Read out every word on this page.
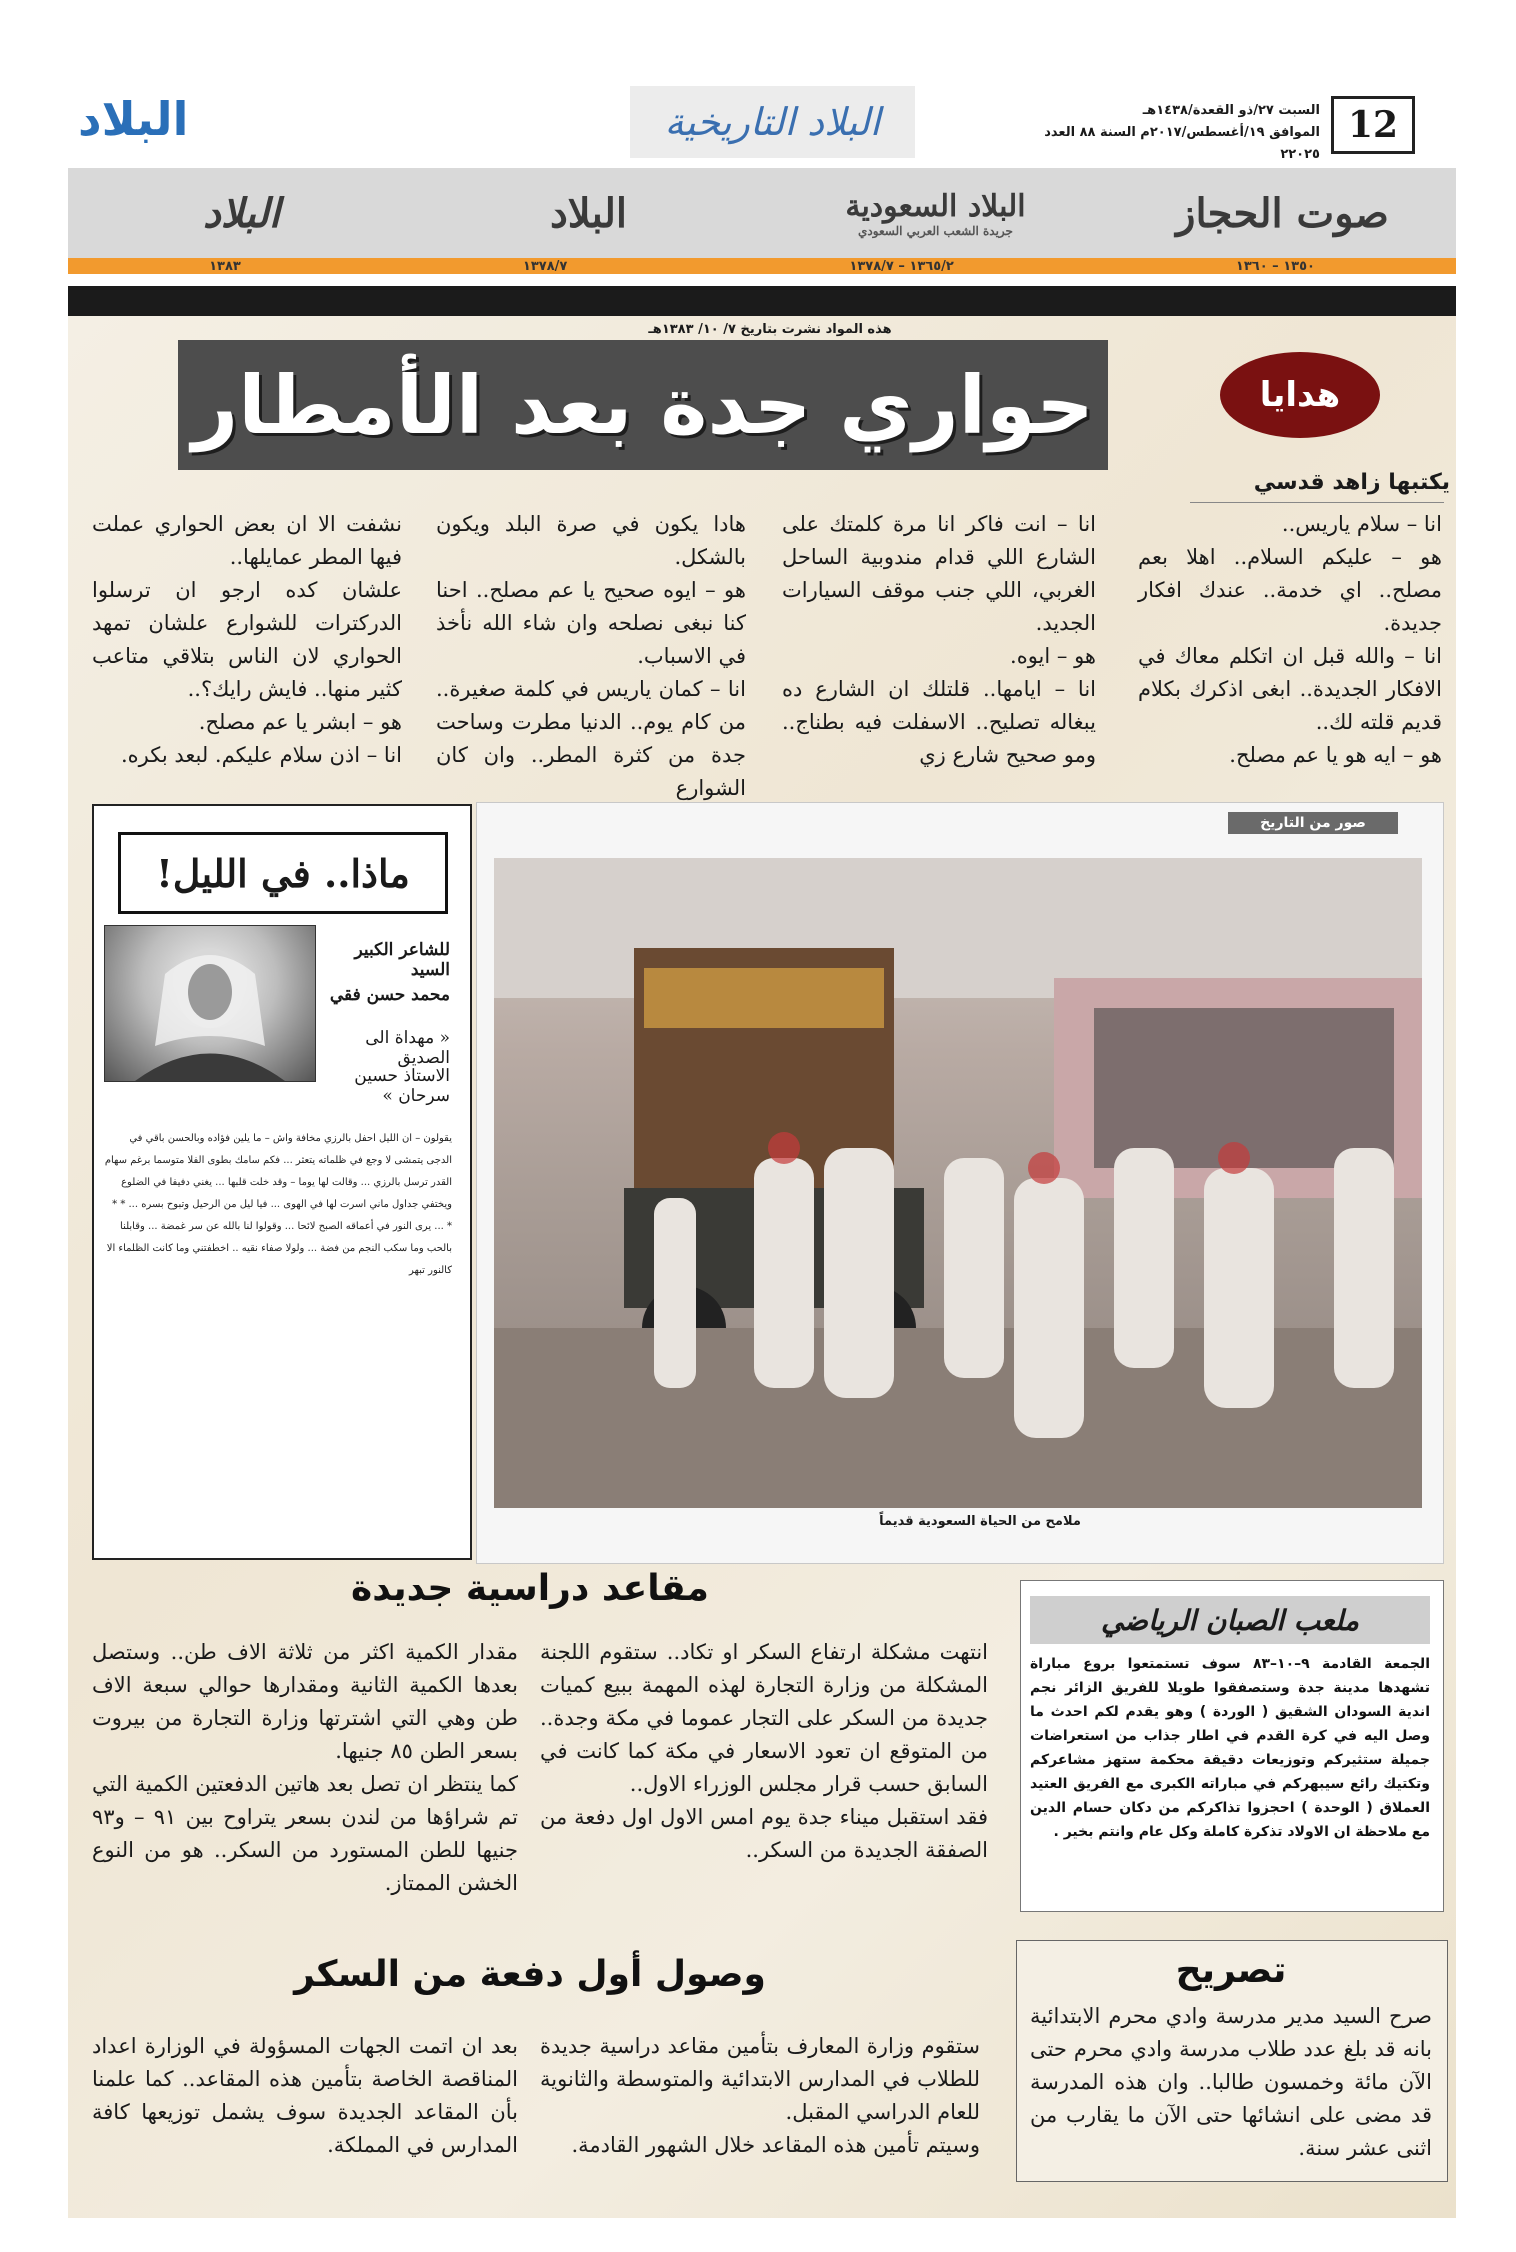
12
السبت ٢٧/ذو القعدة/١٤٣٨هـ
الموافق ١٩/أغسطس/٢٠١٧م السنة ٨٨ العدد ٢٢٠٢٥
البلاد التاريخية
البلاد
صوت الحجاز
البلاد السعودية
جريدة الشعب العربي السعودي
البلاد
البلاد
١٣٥٠ – ١٣٦٠
١٣٦٥/٢ – ١٣٧٨/٧
١٣٧٨/٧
١٣٨٣
هذه المواد نشرت بتاريخ ٧/ ١٠/ ١٣٨٣هـ
حواري جدة بعد الأمطار	هدايا
يكتبها زاهد قدسي
انا – سلام ياريس..
هو – عليكم السلام.. اهلا بعم مصلح.. اي خدمة.. عندك افكار جديدة.
انا – والله قبل ان اتكلم معاك في الافكار الجديدة.. ابغى اذكرك بكلام قديم قلته لك..
هو – ايه هو يا عم مصلح.
انا – انت فاكر انا مرة كلمتك على الشارع اللي قدام مندوبية الساحل الغربي، اللي جنب موقف السيارات الجديد.
هو – ايوه.
انا – ايامها.. قلتلك ان الشارع ده يبغاله تصليح.. الاسفلت فيه بطناج.. ومو صحيح شارع زي
هادا يكون في صرة البلد ويكون بالشكل.
هو – ايوه صحيح يا عم مصلح.. احنا كنا نبغى نصلحه وان شاء الله نأخذ في الاسباب.
انا – كمان ياريس في كلمة صغيرة.. من كام يوم.. الدنيا مطرت وساحت جدة من كثرة المطر.. وان كان الشوارع
نشفت الا ان بعض الحواري عملت فيها المطر عمايلها..
علشان كده ارجو ان ترسلوا الدركترات للشوارع علشان تمهد الحواري لان الناس بتلاقي متاعب كثير منها.. فايش رايك؟..
هو – ابشر يا عم مصلح.
انا – اذن سلام عليكم. لبعد بكره.
ماذا.. في الليل!
للشاعر الكبير السيد
محمد حسن فقي
« مهداة الى الصديق
الاستاذ حسين سرحان »
يقولون – ان الليل احفل بالرزي مخافة واش – ما يلين فؤاده وبالحسن باقي في الدجى يتمشى لا وجع في ظلماته يتعثر ... فكم سامك بطوى الفلا متوسما برغم سهام القدر ترسل بالرزي ... وقالت لها يوما – وقد خلت قلبها ... يغني دفيفا في الضلوع ويختفي جداول ماني اسرت لها في الهوى ... فيا ليل من الرحيل وتبوح بسره ... * * * ... يرى النور في أعماقه الصبح لائحا ... وقولوا لنا بالله عن سر غمضة ... وقابلنا بالحب وما سكب النجم من فضة ... ولولا صفاء نقيه .. اخطفتني وما كانت الظلماء الا كالنور تبهر
صور من التاريخ
ملامح من الحياة السعودية قديماً
مقاعد دراسية جديدة
انتهت مشكلة ارتفاع السكر او تكاد.. ستقوم اللجنة المشكلة من وزارة التجارة لهذه المهمة ببيع كميات جديدة من السكر على التجار عموما في مكة وجدة.. من المتوقع ان تعود الاسعار في مكة كما كانت في السابق حسب قرار مجلس الوزراء الاول..
فقد استقبل ميناء جدة يوم امس الاول اول دفعة من الصفقة الجديدة من السكر..
مقدار الكمية اكثر من ثلاثة الاف طن.. وستصل بعدها الكمية الثانية ومقدارها حوالي سبعة الاف طن وهي التي اشترتها وزارة التجارة من بيروت بسعر الطن ٨٥ جنيها.
كما ينتظر ان تصل بعد هاتين الدفعتين الكمية التي تم شراؤها من لندن بسعر يتراوح بين ٩١ – و٩٣ جنيها للطن المستورد من السكر.. هو من النوع الخشن الممتاز.
ملعب الصبان الرياضي
الجمعة القادمة ٩–١٠–٨٣ سوف تستمتعوا بروع مباراة تشهدها مدينة جدة وستصفقوا طويلا للفريق الزائر نجم اندية السودان الشقيق ( الوردة ) وهو يقدم لكم احدث ما وصل اليه في كرة القدم في اطار جذاب من استعراضات جميلة ستثيركم وتوزيعات دقيقة محكمة ستهز مشاعركم وتكتيك رائع سيبهركم في مباراته الكبرى مع الفريق العتيد العملاق ( الوحدة ) احجزوا تذاكركم من دكان حسام الدين مع ملاحظة ان الاولاد تذكرة كاملة وكل عام وانتم بخير .
وصول أول دفعة من السكر
ستقوم وزارة المعارف بتأمين مقاعد دراسية جديدة للطلاب في المدارس الابتدائية والمتوسطة والثانوية للعام الدراسي المقبل.
وسيتم تأمين هذه المقاعد خلال الشهور القادمة.
بعد ان اتمت الجهات المسؤولة في الوزارة اعداد المناقصة الخاصة بتأمين هذه المقاعد.. كما علمنا بأن المقاعد الجديدة سوف يشمل توزيعها كافة المدارس في المملكة.
تصريح
صرح السيد مدير مدرسة وادي محرم الابتدائية بانه قد بلغ عدد طلاب مدرسة وادي محرم حتى الآن مائة وخمسون طالبا.. وان هذه المدرسة قد مضى على انشائها حتى الآن ما يقارب من اثنى عشر سنة.
